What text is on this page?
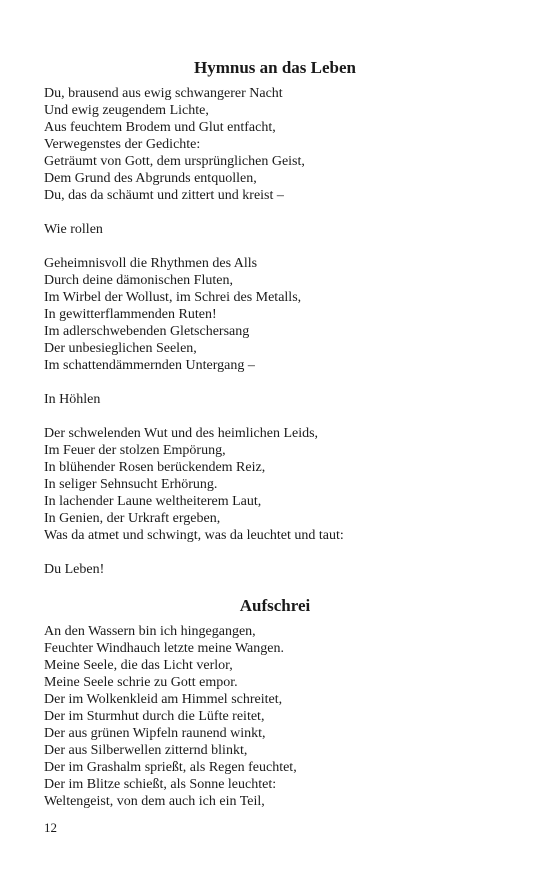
Hymnus an das Leben
Du, brausend aus ewig schwangerer Nacht
Und ewig zeugendem Lichte,
Aus feuchtem Brodem und Glut entfacht,
Verwegenstes der Gedichte:
Geträumt von Gott, dem ursprünglichen Geist,
Dem Grund des Abgrunds entquollen,
Du, das da schäumt und zittert und kreist –
Wie rollen
Geheimnisvoll die Rhythmen des Alls
Durch deine dämonischen Fluten,
Im Wirbel der Wollust, im Schrei des Metalls,
In gewitterflammenden Ruten!
Im adlerschwebenden Gletschersang
Der unbesieglichen Seelen,
Im schattendämmernden Untergang –
In Höhlen
Der schwelenden Wut und des heimlichen Leids,
Im Feuer der stolzen Empörung,
In blühender Rosen berückendem Reiz,
In seliger Sehnsucht Erhörung.
In lachender Laune weltheiterem Laut,
In Genien, der Urkraft ergeben,
Was da atmet und schwingt, was da leuchtet und taut:
Du Leben!
Aufschrei
An den Wassern bin ich hingegangen,
Feuchter Windhauch letzte meine Wangen.
Meine Seele, die das Licht verlor,
Meine Seele schrie zu Gott empor.
Der im Wolkenkleid am Himmel schreitet,
Der im Sturmhut durch die Lüfte reitet,
Der aus grünen Wipfeln raunend winkt,
Der aus Silberwellen zitternd blinkt,
Der im Grashalm sprießt, als Regen feuchtet,
Der im Blitze schießt, als Sonne leuchtet:
Weltengeist, von dem auch ich ein Teil,
12
